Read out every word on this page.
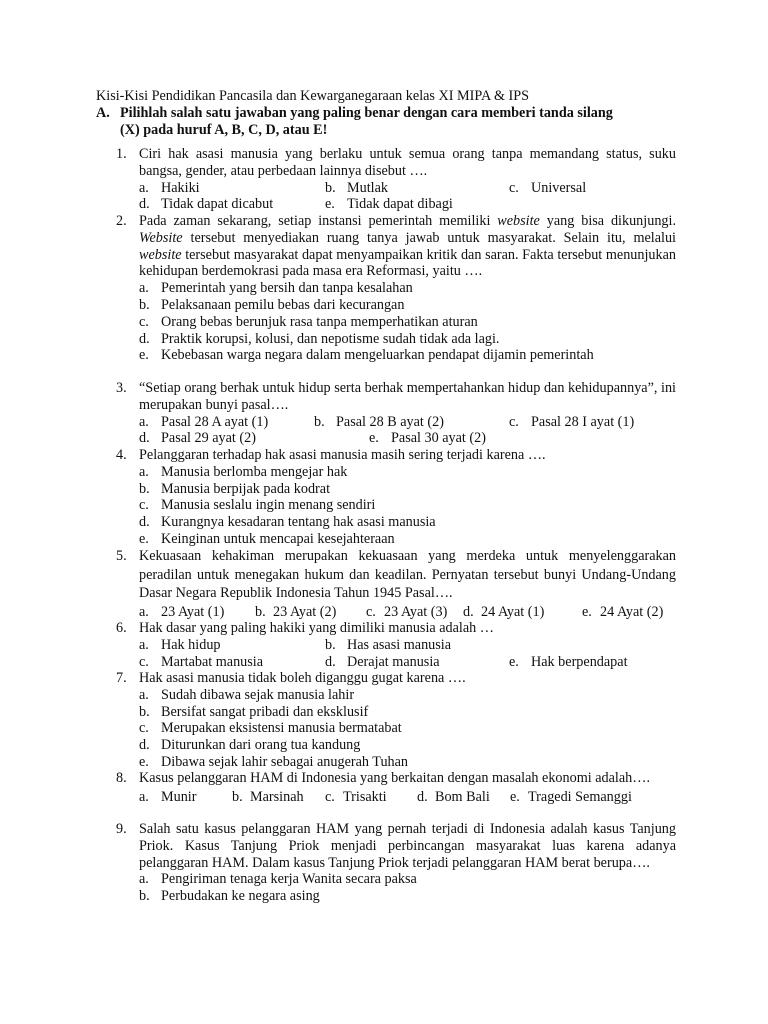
Kisi-Kisi Pendidikan Pancasila dan Kewarganegaraan kelas XI MIPA & IPS
A. Pilihlah salah satu jawaban yang paling benar dengan cara memberi tanda silang
(X) pada huruf A, B, C, D, atau E!
1. Ciri hak asasi manusia yang berlaku untuk semua orang tanpa memandang status, suku bangsa, gender, atau perbedaan lainnya disebut ….
a. Hakiki	b. Mutlak	c. Universal
d. Tidak dapat dicabut	e. Tidak dapat dibagi
2. Pada zaman sekarang, setiap instansi pemerintah memiliki website yang bisa dikunjungi. Website tersebut menyediakan ruang tanya jawab untuk masyarakat. Selain itu, melalui website tersebut masyarakat dapat menyampaikan kritik dan saran. Fakta tersebut menunjukan kehidupan berdemokrasi pada masa era Reformasi, yaitu ….
a. Pemerintah yang bersih dan tanpa kesalahan
b. Pelaksanaan pemilu bebas dari kecurangan
c. Orang bebas berunjuk rasa tanpa memperhatikan aturan
d. Praktik korupsi, kolusi, dan nepotisme sudah tidak ada lagi.
e. Kebebasan warga negara dalam mengeluarkan pendapat dijamin pemerintah
3. “Setiap orang berhak untuk hidup serta berhak mempertahankan hidup dan kehidupannya”, ini merupakan bunyi pasal….
a. Pasal 28 A ayat (1)	b. Pasal 28 B ayat (2)	c. Pasal 28 I ayat (1)
d. Pasal 29 ayat (2)	e. Pasal 30 ayat (2)
4. Pelanggaran terhadap hak asasi manusia masih sering terjadi karena ….
a. Manusia berlomba mengejar hak
b. Manusia berpijak pada kodrat
c. Manusia seslalu ingin menang sendiri
d. Kurangnya kesadaran tentang hak asasi manusia
e. Keinginan untuk mencapai kesejahteraan
5. Kekuasaan kehakiman merupakan kekuasaan yang merdeka untuk menyelenggarakan peradilan untuk menegakan hukum dan keadilan. Pernyatan tersebut bunyi Undang-Undang Dasar Negara Republik Indonesia Tahun 1945 Pasal….
a. 23 Ayat (1) b. 23 Ayat (2) c. 23 Ayat (3) d. 24 Ayat (1)	e. 24 Ayat (2)
6. Hak dasar yang paling hakiki yang dimiliki manusia adalah …
a. Hak hidup	b. Has asasi manusia
c. Martabat manusia	d. Derajat manusia	e. Hak berpendapat
7. Hak asasi manusia tidak boleh diganggu gugat karena ….
a. Sudah dibawa sejak manusia lahir
b. Bersifat sangat pribadi dan eksklusif
c. Merupakan eksistensi manusia bermatabat
d. Diturunkan dari orang tua kandung
e. Dibawa sejak lahir sebagai anugerah Tuhan
8. Kasus pelanggaran HAM di Indonesia yang berkaitan dengan masalah ekonomi adalah….
a. Munir	b. Marsinah c. Trisakti d. Bom Bali e. Tragedi Semanggi
9. Salah satu kasus pelanggaran HAM yang pernah terjadi di Indonesia adalah kasus Tanjung Priok. Kasus Tanjung Priok menjadi perbincangan masyarakat luas karena adanya pelanggaran HAM. Dalam kasus Tanjung Priok terjadi pelanggaran HAM berat berupa….
a. Pengiriman tenaga kerja Wanita secara paksa
b. Perbudakan ke negara asing
